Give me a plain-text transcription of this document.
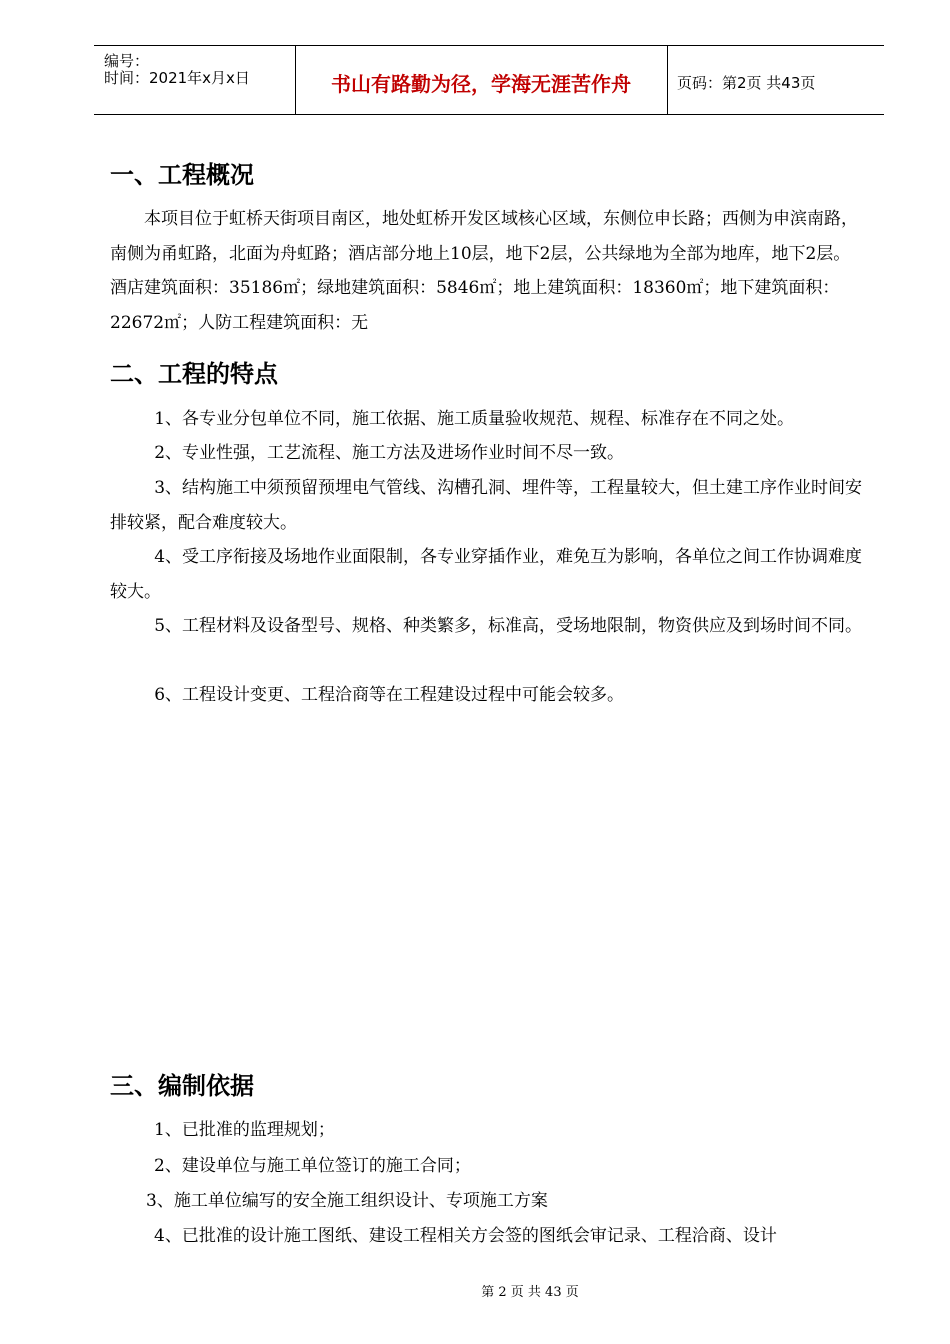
编号：
时间：2021年x月x日	书山有路勤为径，学海无涯苦作舟	页码：第2页 共43页
一、工程概况

本项目位于虹桥天街项目南区，地处虹桥开发区域核心区域，东侧位申长路；西侧为申滨南路，南侧为甬虹路，北面为舟虹路；酒店部分地上10层，地下2层，公共绿地为全部为地库，地下2层。 酒店建筑面积：35186㎡；绿地建筑面积：5846㎡；地上建筑面积：18360㎡；地下建筑面积：22672㎡；人防工程建筑面积：无

二、工程的特点

1、各专业分包单位不同，施工依据、施工质量验收规范、规程、标准存在不同之处。

2、专业性强，工艺流程、施工方法及进场作业时间不尽一致。

3、结构施工中须预留预埋电气管线、沟槽孔洞、埋件等，工程量较大，但土建工序作业时间安排较紧，配合难度较大。

4、受工序衔接及场地作业面限制，各专业穿插作业，难免互为影响，各单位之间工作协调难度较大。

5、工程材料及设备型号、规格、种类繁多，标准高，受场地限制，物资供应及到场时间不同。

6、工程设计变更、工程洽商等在工程建设过程中可能会较多。

三、编制依据

1、已批准的监理规划；

2、建设单位与施工单位签订的施工合同；

3、施工单位编写的安全施工组织设计、专项施工方案

4、已批准的设计施工图纸、建设工程相关方会签的图纸会审记录、工程洽商、设计

第 2 页 共 43 页
